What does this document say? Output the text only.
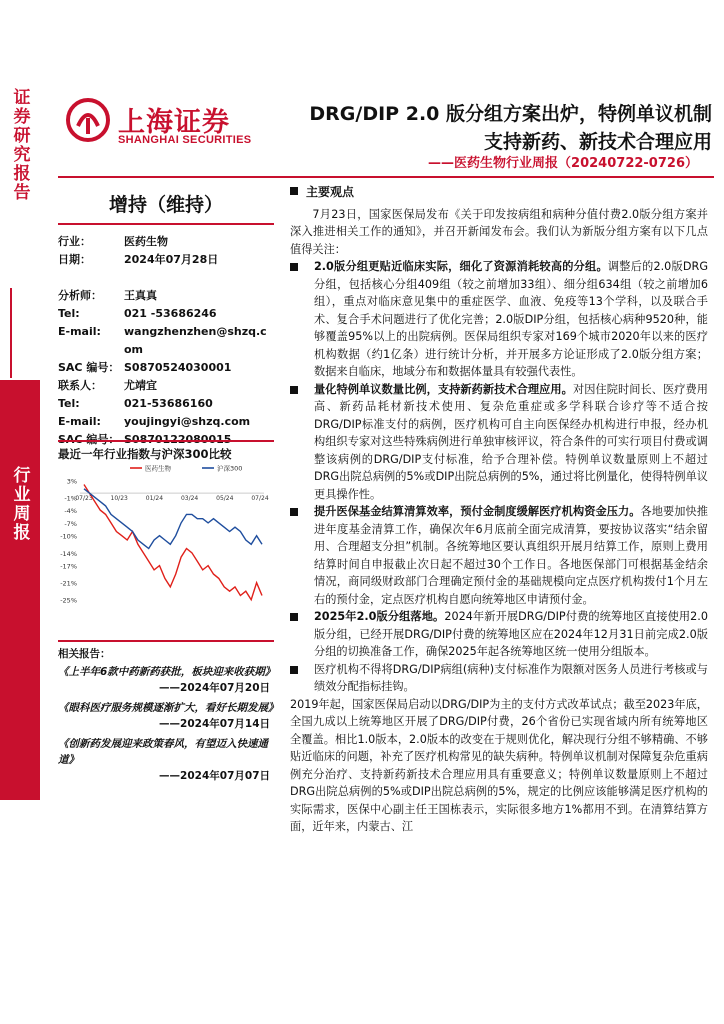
证券研究报告
行业周报
上海证券
SHANGHAI SECURITIES
DRG/DIP 2.0 版分组方案出炉，特例单议机制
支持新药、新技术合理应用
——医药生物行业周报（20240722-0726）
增持（维持）
行业：	医药生物
日期：	2024年07月28日
分析师：	王真真
Tel:	021 -53686246
E-mail:	wangzhenzhen@shzq.com
SAC 编号： S0870524030001
联系人：	尤靖宜
Tel:	021-53686160
E-mail:	youjingyi@shzq.com
SAC 编号： S0870122080015
最近一年行业指数与沪深300比较
3%
-1%
-4%
-7%
-10%
-14%
-17%
-21%
-25%
07/23	10/23	01/24	03/24	05/24	07/24
医药生物	沪深300
相关报告：
《上半年6款中药新药获批，板块迎来收获期》
——2024年07月20日
《眼科医疗服务规模逐渐扩大，看好长期发展》
——2024年07月14日
《创新药发展迎来政策春风，有望迈入快速通道》
——2024年07月07日
主要观点

7月23日，国家医保局发布《关于印发按病组和病种分值付费2.0版分组方案并深入推进相关工作的通知》，并召开新闻发布会。我们认为新版分组方案有以下几点值得关注：

2.0版分组更贴近临床实际，细化了资源消耗较高的分组。调整后的2.0版DRG分组，包括核心分组409组（较之前增加33组）、细分组634组（较之前增加6组），重点对临床意见集中的重症医学、血液、免疫等13个学科，以及联合手术、复合手术问题进行了优化完善；2.0版DIP分组，包括核心病种9520种，能够覆盖95%以上的出院病例。医保局组织专家对169个城市2020年以来的医疗机构数据（约1亿条）进行统计分析，并开展多方论证形成了2.0版分组方案；数据来自临床，地域分布和数据体量具有较强代表性。
量化特例单议数量比例，支持新药新技术合理应用。对因住院时间长、医疗费用高、新药品耗材新技术使用、复杂危重症或多学科联合诊疗等不适合按DRG/DIP标准支付的病例，医疗机构可自主向医保经办机构进行申报，经办机构组织专家对这些特殊病例进行单独审核评议，符合条件的可实行项目付费或调整该病例的DRG/DIP支付标准，给予合理补偿。特例单议数量原则上不超过DRG出院总病例的5%或DIP出院总病例的5%，通过将比例量化，使得特例单议更具操作性。
提升医保基金结算清算效率，预付金制度缓解医疗机构资金压力。各地要加快推进年度基金清算工作，确保次年6月底前全面完成清算，要按协议落实“结余留用、合理超支分担”机制。各统筹地区要认真组织开展月结算工作，原则上费用结算时间自申报截止次日起不超过30个工作日。各地医保部门可根据基金结余情况，商同级财政部门合理确定预付金的基础规模向定点医疗机构拨付1个月左右的预付金，定点医疗机构自愿向统筹地区申请预付金。
2025年2.0版分组落地。2024年新开展DRG/DIP付费的统筹地区直接使用2.0版分组，已经开展DRG/DIP付费的统筹地区应在2024年12月31日前完成2.0版分组的切换准备工作，确保2025年起各统筹地区统一使用分组版本。
医疗机构不得将DRG/DIP病组(病种)支付标准作为限额对医务人员进行考核或与绩效分配指标挂钩。

2019年起，国家医保局启动以DRG/DIP为主的支付方式改革试点；截至2023年底，全国九成以上统筹地区开展了DRG/DIP付费，26个省份已实现省域内所有统筹地区全覆盖。相比1.0版本，2.0版本的改变在于规则优化，解决现行分组不够精确、不够贴近临床的问题，补充了医疗机构常见的缺失病种。特例单议机制对保障复杂危重病例充分治疗、支持新药新技术合理应用具有重要意义；特例单议数量原则上不超过DRG出院总病例的5%或DIP出院总病例的5%，规定的比例应该能够满足医疗机构的实际需求，医保中心副主任王国栋表示，实际很多地方1%都用不到。在清算结算方面，近年来，内蒙古、江
